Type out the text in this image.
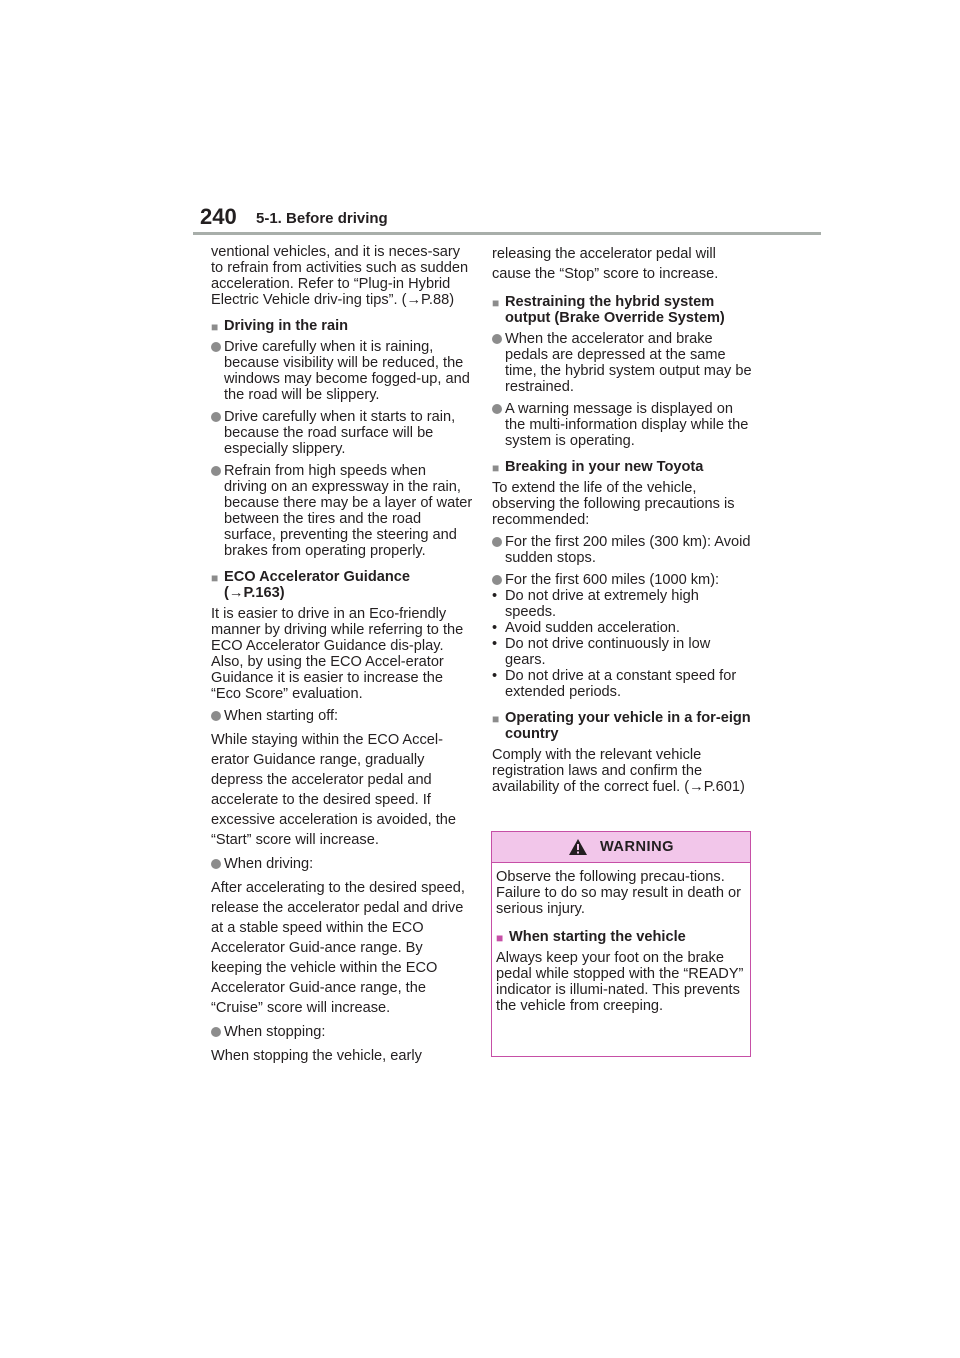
240 5-1. Before driving

ventional vehicles, and it is neces-sary to refrain from activities such as sudden acceleration. Refer to “Plug-in Hybrid Electric Vehicle driv-ing tips”. (→P.88)

■ Driving in the rain
Drive carefully when it is raining, because visibility will be reduced, the windows may become fogged-up, and the road will be slippery.
Drive carefully when it starts to rain, because the road surface will be especially slippery.
Refrain from high speeds when driving on an expressway in the rain, because there may be a layer of water between the tires and the road surface, preventing the steering and brakes from operating properly.
■ ECO Accelerator Guidance (→P.163)

It is easier to drive in an Eco-friendly manner by driving while referring to the ECO Accelerator Guidance dis-play. Also, by using the ECO Accel-erator Guidance it is easier to increase the “Eco Score” evaluation.

When starting off:

While staying within the ECO Accel-erator Guidance range, gradually depress the accelerator pedal and accelerate to the desired speed. If excessive acceleration is avoided, the “Start” score will increase.

When driving:

After accelerating to the desired speed, release the accelerator pedal and drive at a stable speed within the ECO Accelerator Guid-ance range. By keeping the vehicle within the ECO Accelerator Guid-ance range, the “Cruise” score will increase.

When stopping:

When stopping the vehicle, early

releasing the accelerator pedal will cause the “Stop” score to increase.

■ Restraining the hybrid system output (Brake Override System)
When the accelerator and brake pedals are depressed at the same time, the hybrid system output may be restrained.
A warning message is displayed on the multi-information display while the system is operating.
■ Breaking in your new Toyota

To extend the life of the vehicle, observing the following precautions is recommended:

For the first 200 miles (300 km): Avoid sudden stops.
For the first 600 miles (1000 km):
• Do not drive at extremely high speeds.
• Avoid sudden acceleration.
• Do not drive continuously in low gears.
• Do not drive at a constant speed for extended periods.
■ Operating your vehicle in a for-eign country

Comply with the relevant vehicle registration laws and confirm the availability of the correct fuel. (→P.601)

WARNING

Observe the following precau-tions.

Failure to do so may result in death or serious injury.

■ When starting the vehicle

Always keep your foot on the brake pedal while stopped with the “READY” indicator is illumi-nated. This prevents the vehicle from creeping.
